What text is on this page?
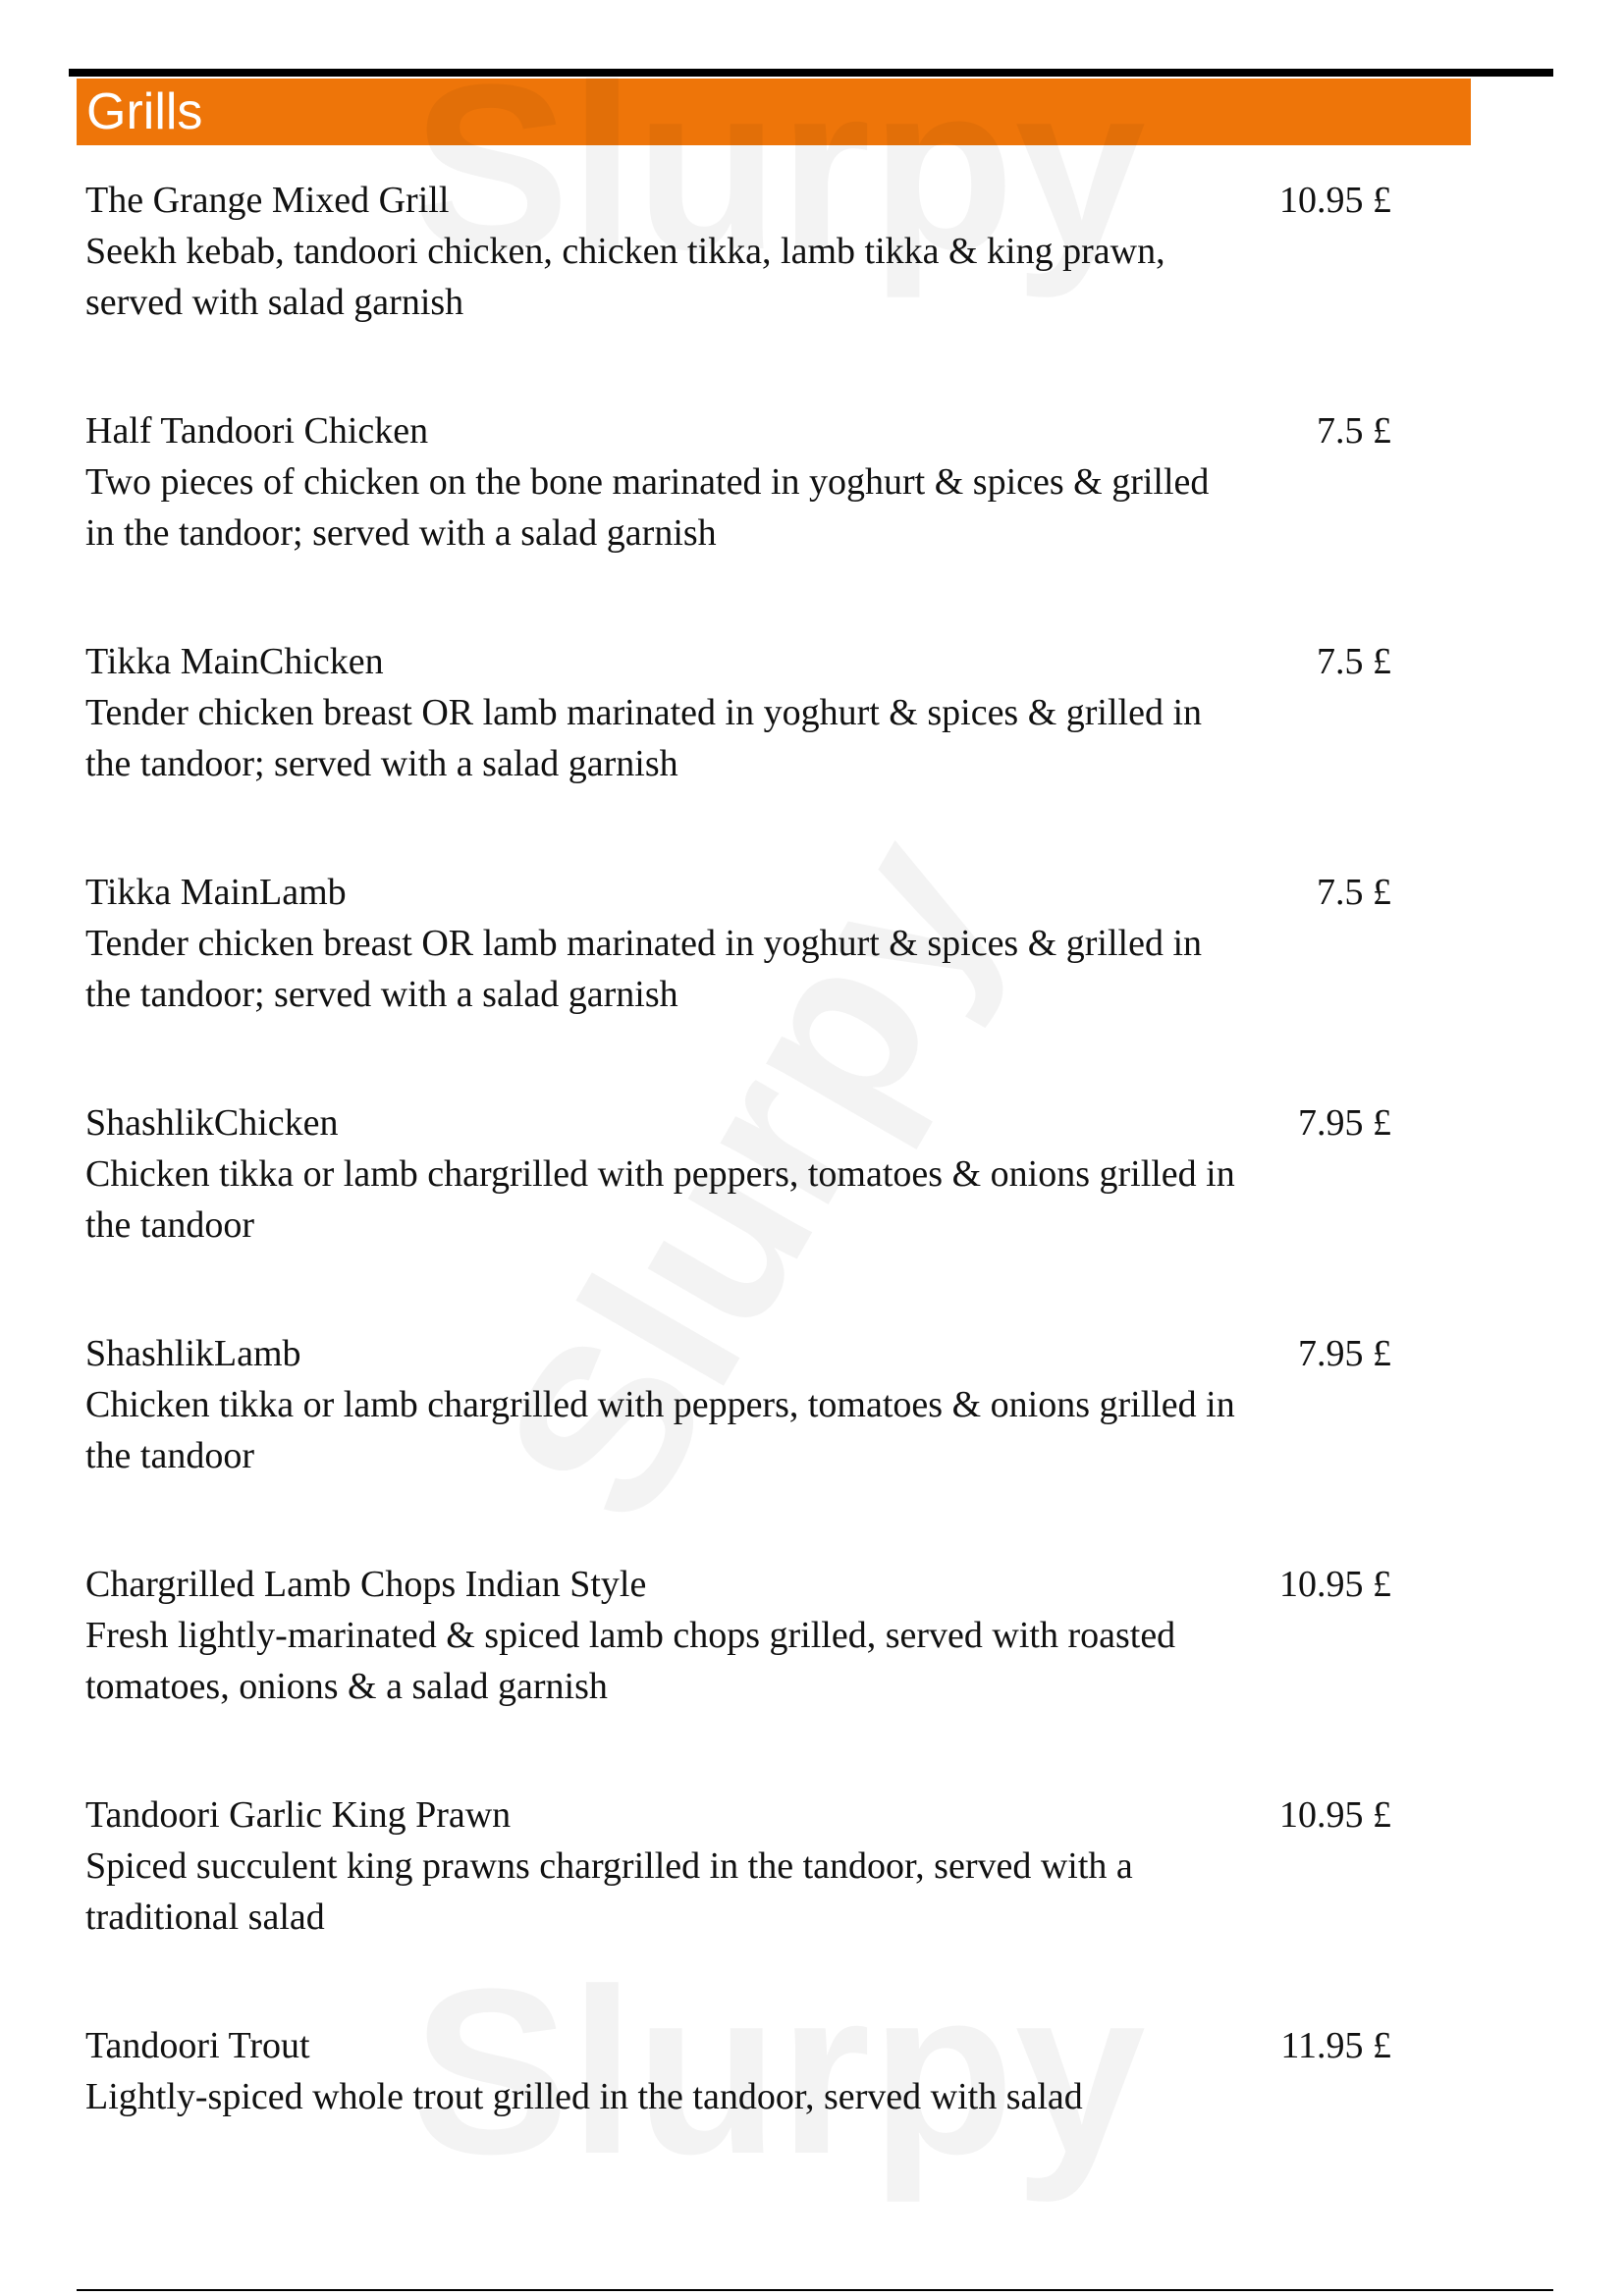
Grills
The Grange Mixed Grill	10.95 £
Seekh kebab, tandoori chicken, chicken tikka, lamb tikka & king prawn, served with salad garnish
Half Tandoori Chicken	7.5 £
Two pieces of chicken on the bone marinated in yoghurt & spices & grilled in the tandoor; served with a salad garnish
Tikka MainChicken	7.5 £
Tender chicken breast OR lamb marinated in yoghurt & spices & grilled in the tandoor; served with a salad garnish
Tikka MainLamb	7.5 £
Tender chicken breast OR lamb marinated in yoghurt & spices & grilled in the tandoor; served with a salad garnish
ShashlikChicken	7.95 £
Chicken tikka or lamb chargrilled with peppers, tomatoes & onions grilled in the tandoor
ShashlikLamb	7.95 £
Chicken tikka or lamb chargrilled with peppers, tomatoes & onions grilled in the tandoor
Chargrilled Lamb Chops Indian Style	10.95 £
Fresh lightly-marinated & spiced lamb chops grilled, served with roasted tomatoes, onions & a salad garnish
Tandoori Garlic King Prawn	10.95 £
Spiced succulent king prawns chargrilled in the tandoor, served with a traditional salad
Tandoori Trout	11.95 £
Lightly-spiced whole trout grilled in the tandoor, served with salad
